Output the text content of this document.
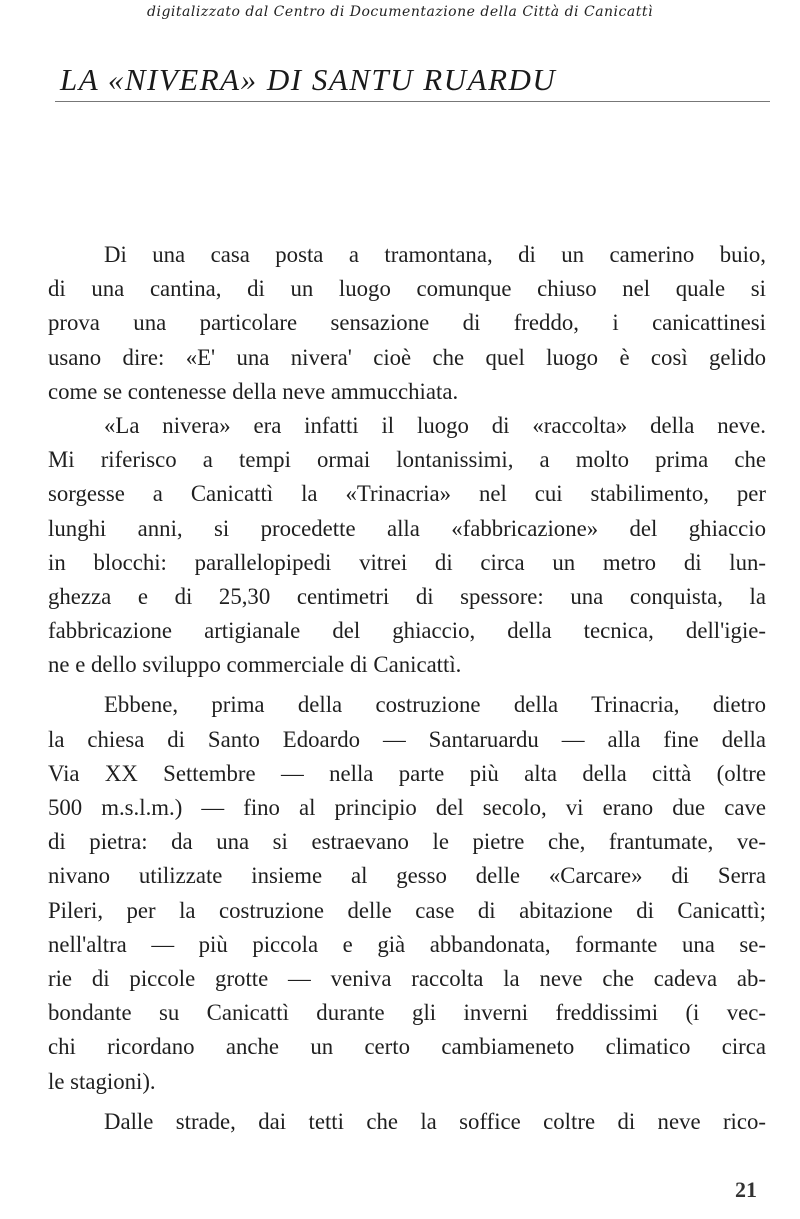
digitalizzato dal Centro di Documentazione della Città di Canicattì
LA «NIVERA» DI SANTU RUARDU
Di una casa posta a tramontana, di un camerino buio,
di una cantina, di un luogo comunque chiuso nel quale si
prova una particolare sensazione di freddo, i canicattinesi
usano dire: «E' una nivera' cioè che quel luogo è così gelido
come se contenesse della neve ammucchiata.
«La nivera» era infatti il luogo di «raccolta» della neve.
Mi riferisco a tempi ormai lontanissimi, a molto prima che
sorgesse a Canicattì la «Trinacria» nel cui stabilimento, per
lunghi anni, si procedette alla «fabbricazione» del ghiaccio
in blocchi: parallelopipedi vitrei di circa un metro di lun-
ghezza e di 25,30 centimetri di spessore: una conquista, la
fabbricazione artigianale del ghiaccio, della tecnica, dell'igie-
ne e dello sviluppo commerciale di Canicattì.
Ebbene, prima della costruzione della Trinacria, dietro
la chiesa di Santo Edoardo — Santaruardu — alla fine della
Via XX Settembre — nella parte più alta della città (oltre
500 m.s.l.m.) — fino al principio del secolo, vi erano due cave
di pietra: da una si estraevano le pietre che, frantumate, ve-
nivano utilizzate insieme al gesso delle «Carcare» di Serra
Pileri, per la costruzione delle case di abitazione di Canicattì;
nell'altra — più piccola e già abbandonata, formante una se-
rie di piccole grotte — veniva raccolta la neve che cadeva ab-
bondante su Canicattì durante gli inverni freddissimi (i vec-
chi ricordano anche un certo cambiameneto climatico circa
le stagioni).
Dalle strade, dai tetti che la soffice coltre di neve rico-
21
